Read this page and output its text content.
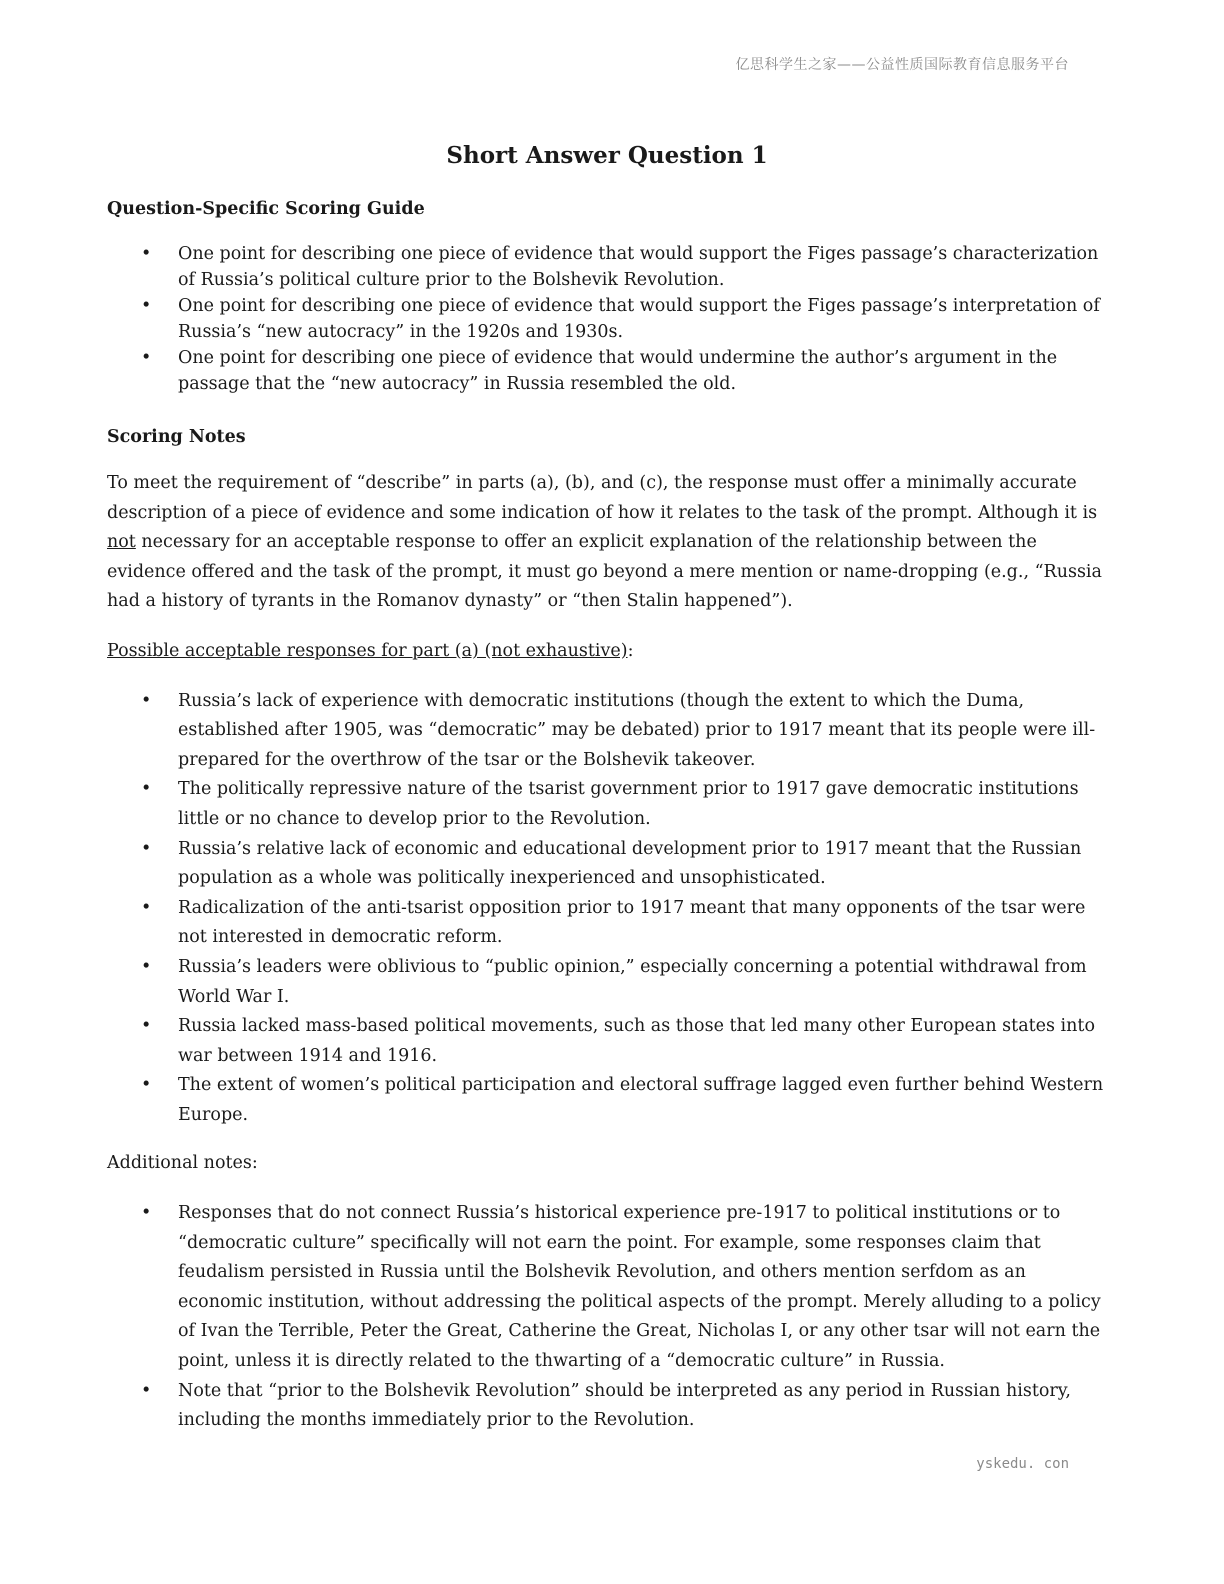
亿思科学生之家——公益性质国际教育信息服务平台
Short Answer Question 1
Question-Specific Scoring Guide
• One point for describing one piece of evidence that would support the Figes passage’s characterization of Russia’s political culture prior to the Bolshevik Revolution.
• One point for describing one piece of evidence that would support the Figes passage’s interpretation of Russia’s “new autocracy” in the 1920s and 1930s.
• One point for describing one piece of evidence that would undermine the author’s argument in the passage that the “new autocracy” in Russia resembled the old.
Scoring Notes

To meet the requirement of “describe” in parts (a), (b), and (c), the response must offer a minimally accurate description of a piece of evidence and some indication of how it relates to the task of the prompt. Although it is not necessary for an acceptable response to offer an explicit explanation of the relationship between the evidence offered and the task of the prompt, it must go beyond a mere mention or name-dropping (e.g., “Russia had a history of tyrants in the Romanov dynasty” or “then Stalin happened”).

Possible acceptable responses for part (a) (not exhaustive):

• Russia’s lack of experience with democratic institutions (though the extent to which the Duma, established after 1905, was “democratic” may be debated) prior to 1917 meant that its people were ill-prepared for the overthrow of the tsar or the Bolshevik takeover.
• The politically repressive nature of the tsarist government prior to 1917 gave democratic institutions little or no chance to develop prior to the Revolution.
• Russia’s relative lack of economic and educational development prior to 1917 meant that the Russian population as a whole was politically inexperienced and unsophisticated.
• Radicalization of the anti-tsarist opposition prior to 1917 meant that many opponents of the tsar were not interested in democratic reform.
• Russia’s leaders were oblivious to “public opinion,” especially concerning a potential withdrawal from World War I.
• Russia lacked mass-based political movements, such as those that led many other European states into war between 1914 and 1916.
• The extent of women’s political participation and electoral suffrage lagged even further behind Western Europe.

Additional notes:

• Responses that do not connect Russia’s historical experience pre-1917 to political institutions or to “democratic culture” specifically will not earn the point. For example, some responses claim that feudalism persisted in Russia until the Bolshevik Revolution, and others mention serfdom as an economic institution, without addressing the political aspects of the prompt. Merely alluding to a policy of Ivan the Terrible, Peter the Great, Catherine the Great, Nicholas I, or any other tsar will not earn the point, unless it is directly related to the thwarting of a “democratic culture” in Russia.
• Note that “prior to the Bolshevik Revolution” should be interpreted as any period in Russian history, including the months immediately prior to the Revolution.
yskedu. con
